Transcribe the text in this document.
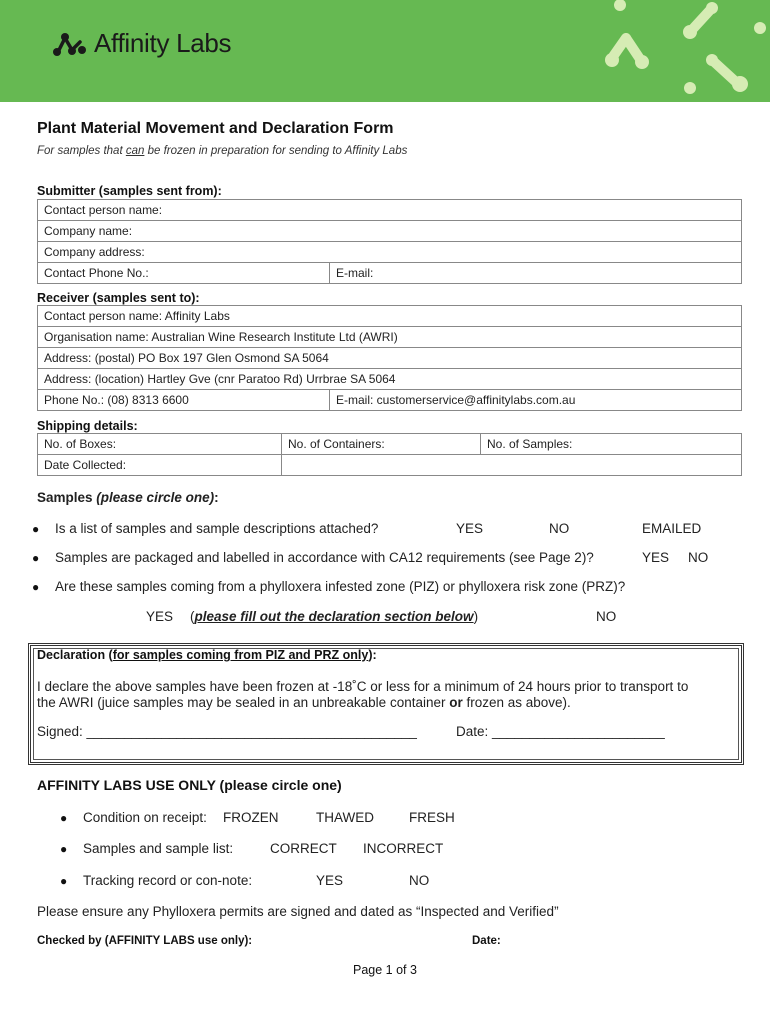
Affinity Labs
Plant Material Movement and Declaration Form
For samples that can be frozen in preparation for sending to Affinity Labs
Submitter (samples sent from):
Contact person name:
Company name:
Company address:
Contact Phone No.:	E-mail:
Receiver (samples sent to):
Contact person name: Affinity Labs
Organisation name: Australian Wine Research Institute Ltd (AWRI)
Address: (postal) PO Box 197 Glen Osmond SA 5064
Address: (location) Hartley Gve (cnr Paratoo Rd) Urrbrae SA 5064
Phone No.: (08) 8313 6600	E-mail: customerservice@affinitylabs.com.au
Shipping details:
No. of Boxes:	No. of Containers:	No. of Samples:
Date Collected:		
Samples (please circle one):
● Is a list of samples and sample descriptions attached?	YES	NO	EMAILED
● Samples are packaged and labelled in accordance with CA12 requirements (see Page 2)?	YES NO
● Are these samples coming from a phylloxera infested zone (PIZ) or phylloxera risk zone (PRZ)?
YES (please fill out the declaration section below)	NO
Declaration (for samples coming from PIZ and PRZ only):
I declare the above samples have been frozen at -18˚C or less for a minimum of 24 hours prior to transport to
the AWRI (juice samples may be sealed in an unbreakable container or frozen as above).
Signed: ____________________________________________	Date: _______________________
AFFINITY LABS USE ONLY (please circle one)
● Condition on receipt: FROZEN	THAWED	FRESH
● Samples and sample list:	CORRECT INCORRECT
● Tracking record or con-note:	YES	NO
Please ensure any Phylloxera permits are signed and dated as “Inspected and Verified”
Checked by (AFFINITY LABS use only):	Date:
Page 1 of 3
